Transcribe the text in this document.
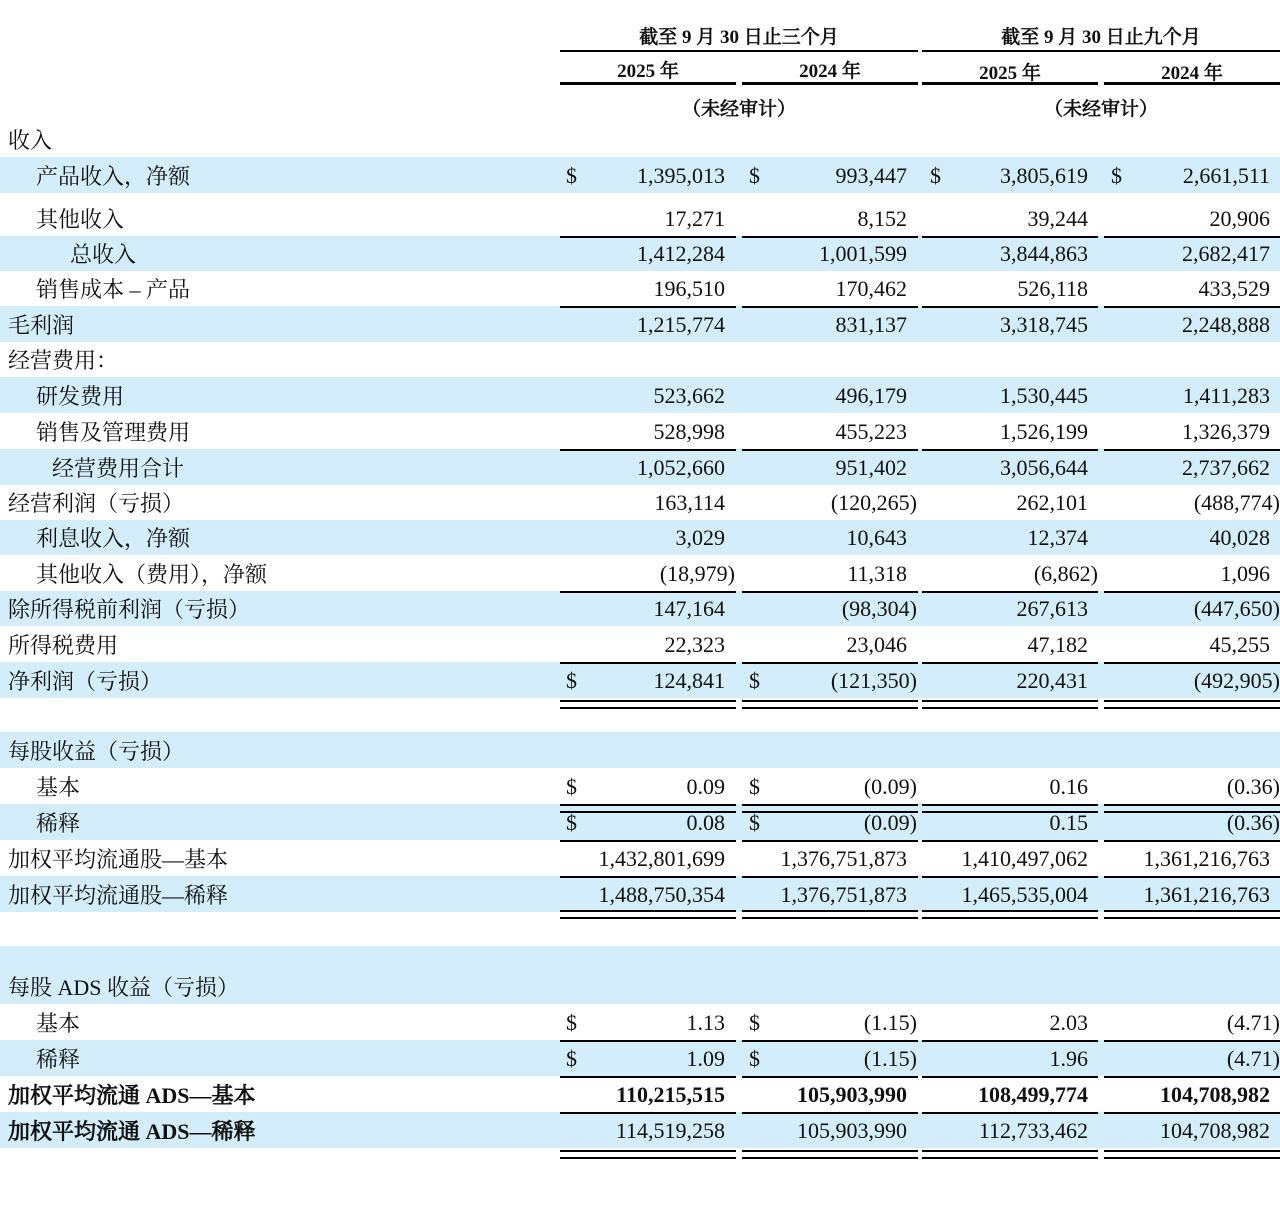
截至 9 月 30 日止三个月	截至 9 月 30 日止九个月
2025 年	2024 年	2025 年	2024 年
（未经审计）	（未经审计）
收入
产品收入，净额	$	1,395,013 $	993,447 $	3,805,619 $	2,661,511
其他收入	17,271	8,152	39,244	20,906
总收入	1,412,284	1,001,599	3,844,863	2,682,417
销售成本 – 产品	196,510	170,462	526,118	433,529
毛利润	1,215,774	831,137	3,318,745	2,248,888
经营费用：
研发费用	523,662	496,179	1,530,445	1,411,283
销售及管理费用	528,998	455,223	1,526,199	1,326,379
经营费用合计	1,052,660	951,402	3,056,644	2,737,662
经营利润（亏损）	163,114	(120,265)	262,101	(488,774)
利息收入，净额	3,029	10,643	12,374	40,028
其他收入（费用），净额	(18,979)	11,318	(6,862)	1,096
除所得税前利润（亏损）	147,164	(98,304)	267,613	(447,650)
所得税费用	22,323	23,046	47,182	45,255
净利润（亏损）	$	124,841 $	(121,350)	220,431	(492,905)
每股收益（亏损）
基本	$	0.09 $	(0.09)	0.16	(0.36)
稀释	$	0.08 $	(0.09)	0.15	(0.36)
加权平均流通股—基本	1,432,801,699	1,376,751,873 1,410,497,062	1,361,216,763
加权平均流通股—稀释	1,488,750,354	1,376,751,873 1,465,535,004	1,361,216,763
每股 ADS 收益（亏损）
基本	$	1.13 $	(1.15)	2.03	(4.71)
稀释	$	1.09 $	(1.15)	1.96	(4.71)
加权平均流通 ADS—基本	110,215,515	105,903,990	108,499,774	104,708,982
加权平均流通 ADS—稀释	114,519,258	105,903,990	112,733,462	104,708,982
